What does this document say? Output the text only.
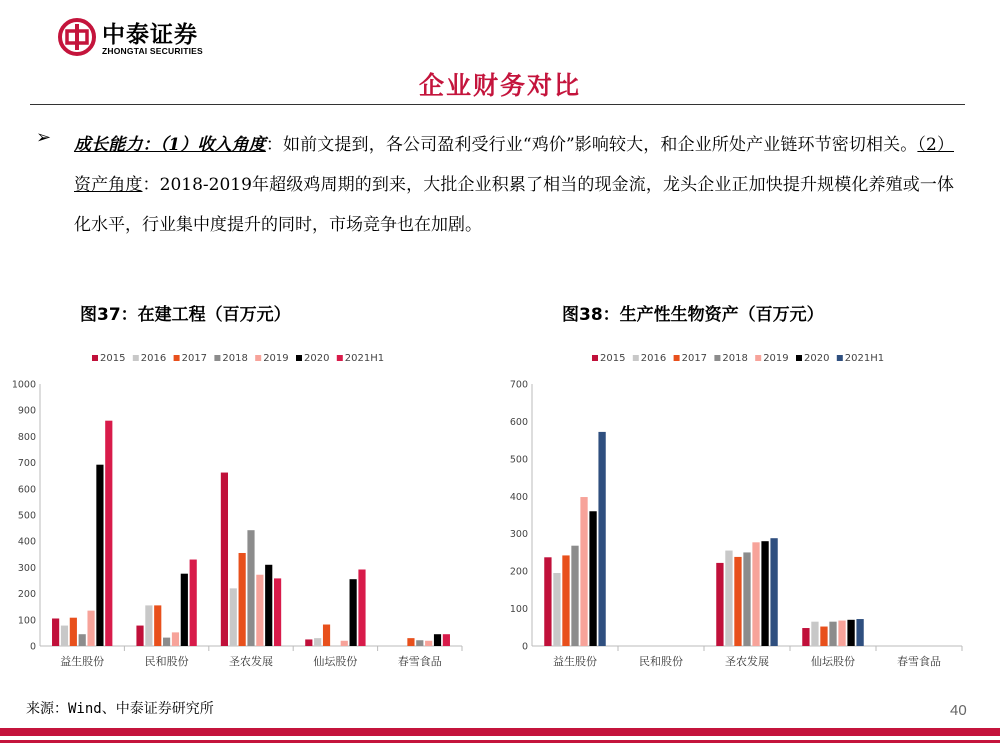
中泰证券
ZHONGTAI SECURITIES
企业财务对比
➢ 成长能力：（1）收入角度：如前文提到，各公司盈利受行业“鸡价”影响较大，和企业所处产业链环节密切相关。（2）资产角度：2018-2019年超级鸡周期的到来，大批企业积累了相当的现金流，龙头企业正加快提升规模化养殖或一体化水平，行业集中度提升的同时，市场竞争也在加剧。
图37：在建工程（百万元）	图38：生产性生物资产（百万元）
2015 2016 2017 2018 2019 2020 2021H1
0
100
200
300
400
500
600
700
800
900
1000
益生股份	民和股份	圣农发展	仙坛股份	春雪食品
2015 2016 2017 2018 2019 2020 2021H1
0
100
200
300
400
500
600
700
益生股份	民和股份	圣农发展	仙坛股份	春雪食品
来源：Wind、中泰证券研究所	40
